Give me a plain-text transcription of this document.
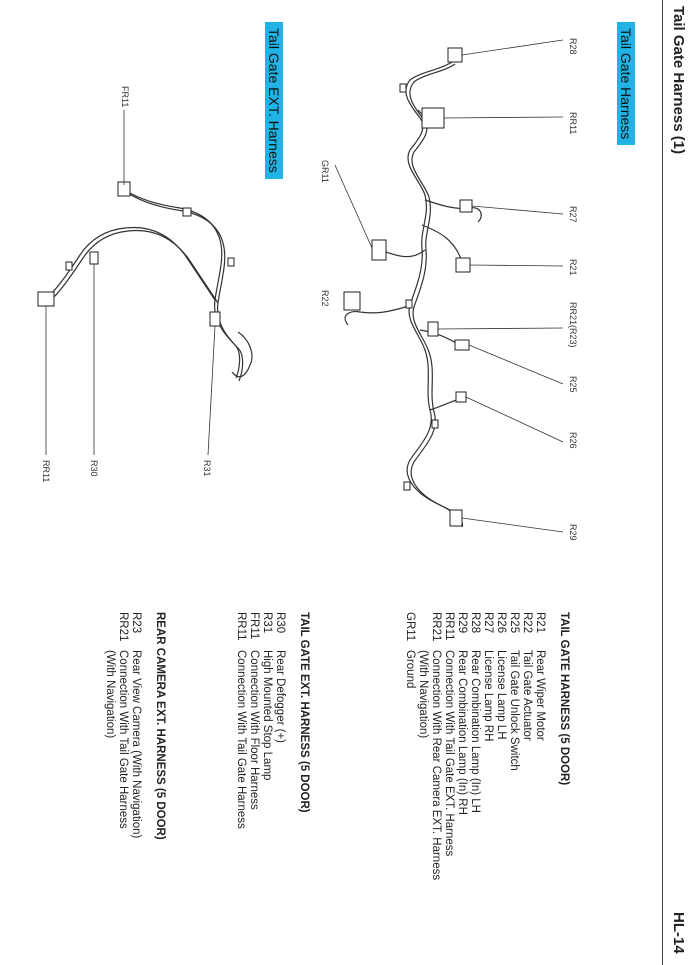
Tail Gate Harness (1)
HL-14
Tail Gate Harness
Tail Gate EXT. Harness	R28
RR11
R27
R21
RR21(R23)
R25
R26
R29
GR11
R22
FR11
R31
R30
RR11
TAIL GATE HARNESS (5 DOOR)
R21
Rear Wiper Motor
R22
Tail Gate Actuator
R25
Tail Gate Unlock Switch
R26
License Lamp LH
R27
License Lamp RH
R28
Rear Combination Lamp (In) LH
R29
Rear Combination Lamp (In) RH
RR11
Connection With Tail Gate EXT. Harness
RR21
Connection With Rear Camera EXT. Harness
(With Navigation)
GR11
Ground
TAIL GATE EXT. HARNESS (5 DOOR)
R30
Rear Defogger (+)
R31
High Mounted Stop Lamp
FR11
Connection With Floor Harness
RR11
Connection With Tail Gate Harness
REAR CAMERA EXT. HARNESS (5 DOOR)
R23
Rear View Camera (With Navigation)
RR21
Connection With Tail Gate Harness
(With Navigation)
